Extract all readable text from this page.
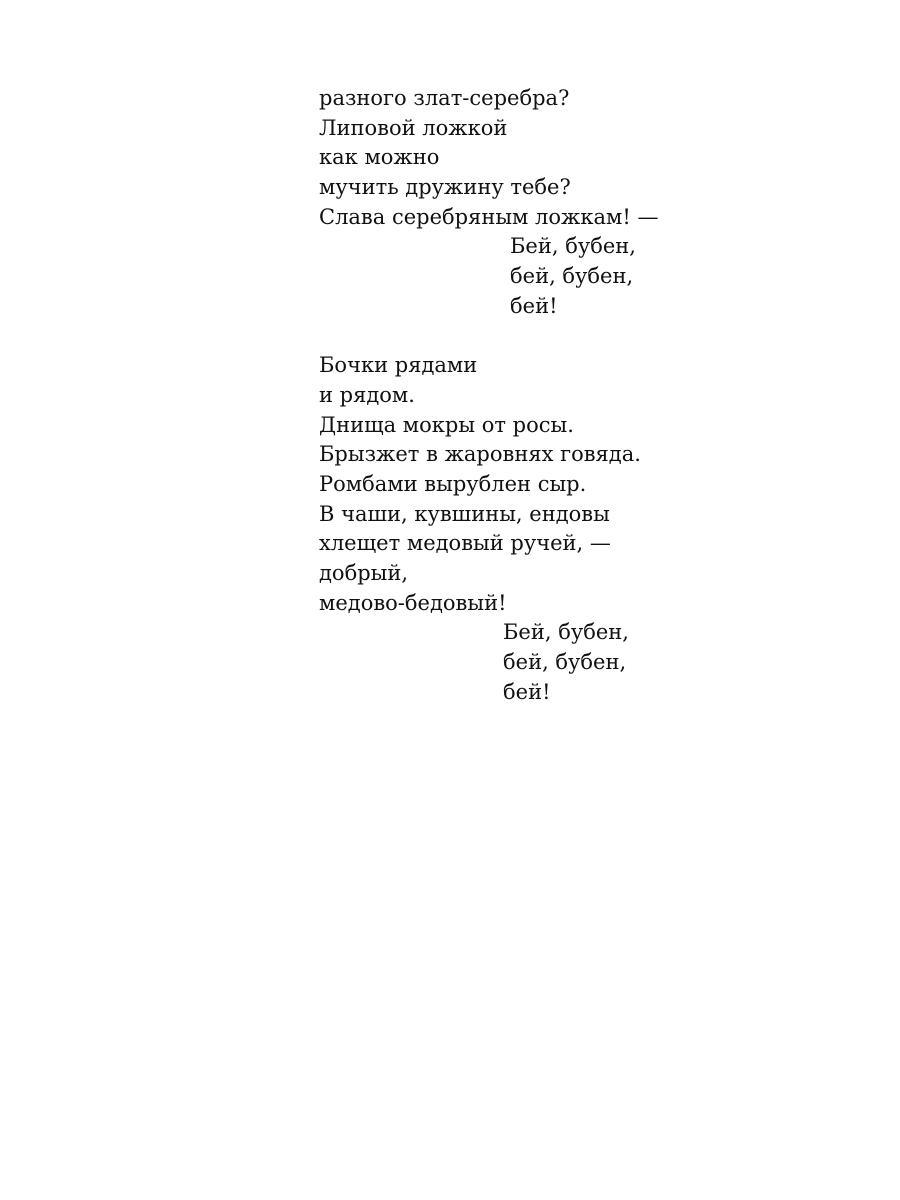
разного злат-серебра?
Липовой ложкой
как можно
мучить дружину тебе?
Слава серебряным ложкам! —
Бей, бубен,
бей, бубен,
бей!
Бочки рядами
и рядом.
Днища мокры от росы.
Брызжет в жаровнях говяда.
Ромбами вырублен сыр.
В чаши, кувшины, ендовы
хлещет медовый ручей, —
добрый,
медово-бедовый!
Бей, бубен,
бей, бубен,
бей!
